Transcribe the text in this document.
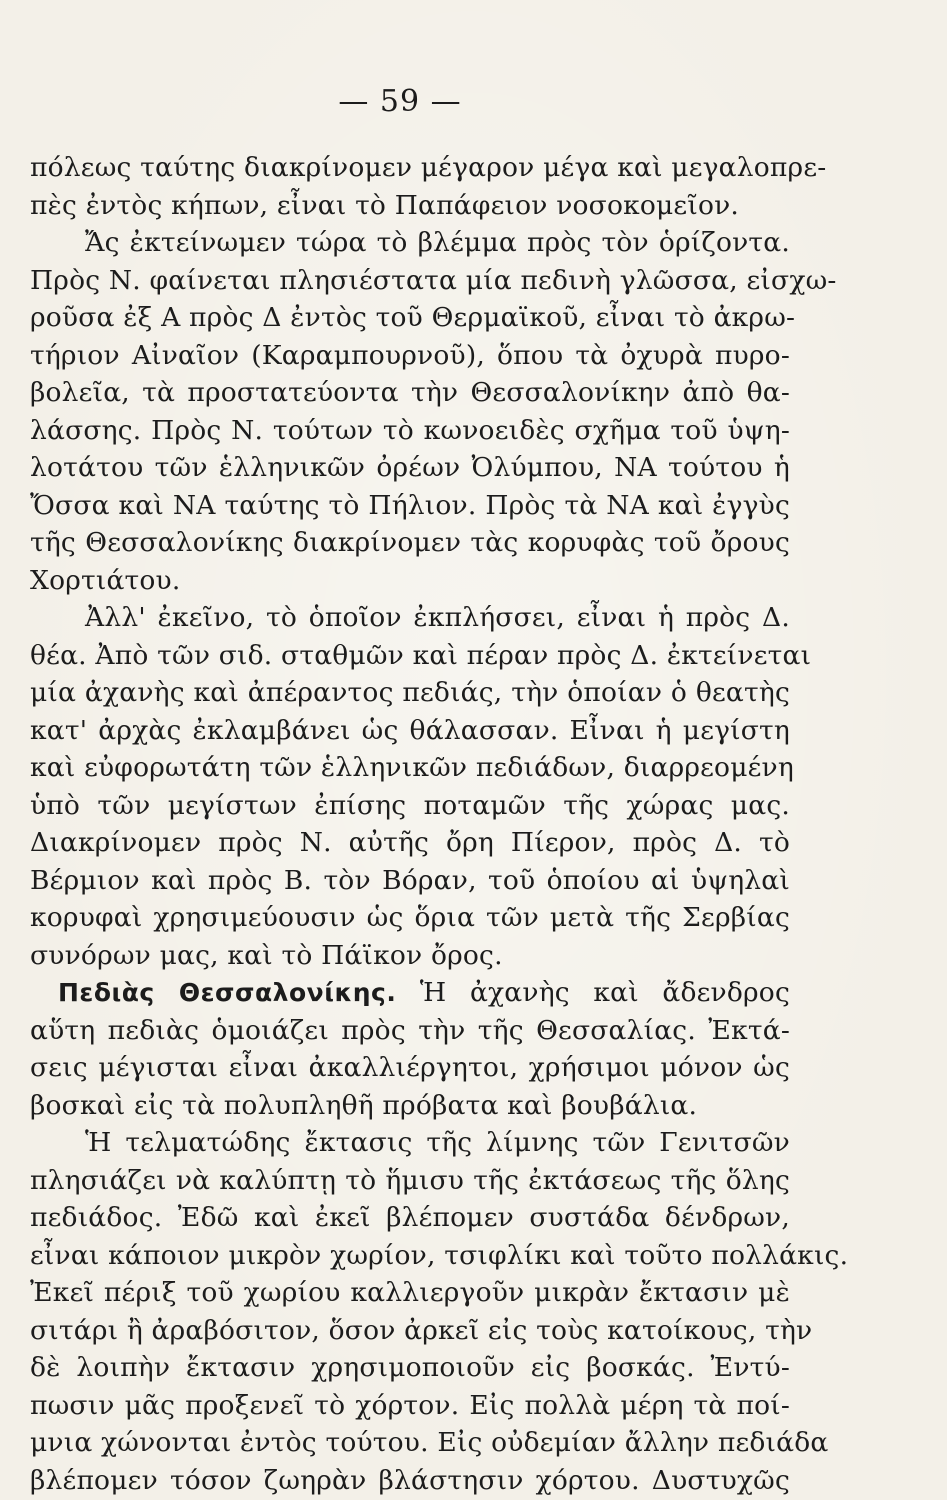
— 59 —
πόλεως ταύτης διακρίνομεν μέγαρον μέγα καὶ μεγαλοπρε-
πὲς ἐντὸς κήπων, εἶναι τὸ Παπάφειον νοσοκομεῖον.
Ἄς ἐκτείνωμεν τώρα τὸ βλέμμα πρὸς τὸν ὁρίζοντα.
Πρὸς Ν. φαίνεται πλησιέστατα μία πεδινὴ γλῶσσα, εἰσχω-
ροῦσα ἐξ Α πρὸς Δ ἐντὸς τοῦ Θερμαϊκοῦ, εἶναι τὸ ἀκρω-
τήριον Αἰναῖον (Καραμπουρνοῦ), ὅπου τὰ ὀχυρὰ πυρο-
βολεῖα, τὰ προστατεύοντα τὴν Θεσσαλονίκην ἀπὸ θα-
λάσσης. Πρὸς Ν. τούτων τὸ κωνοειδὲς σχῆμα τοῦ ὑψη-
λοτάτου τῶν ἑλληνικῶν ὀρέων Ὀλύμπου, ΝΑ τούτου ἡ
Ὄσσα καὶ ΝΑ ταύτης τὸ Πήλιον. Πρὸς τὰ ΝΑ καὶ ἐγγὺς
τῆς Θεσσαλονίκης διακρίνομεν τὰς κορυφὰς τοῦ ὄρους
Χορτιάτου.
Ἀλλ' ἐκεῖνο, τὸ ὁποῖον ἐκπλήσσει, εἶναι ἡ πρὸς Δ.
θέα. Ἀπὸ τῶν σιδ. σταθμῶν καὶ πέραν πρὸς Δ. ἐκτείνεται
μία ἀχανὴς καὶ ἀπέραντος πεδιάς, τὴν ὁποίαν ὁ θεατὴς
κατ' ἀρχὰς ἐκλαμβάνει ὡς θάλασσαν. Εἶναι ἡ μεγίστη
καὶ εὐφορωτάτη τῶν ἑλληνικῶν πεδιάδων, διαρρεομένη
ὑπὸ τῶν μεγίστων ἐπίσης ποταμῶν τῆς χώρας μας.
Διακρίνομεν πρὸς Ν. αὐτῆς ὄρη Πίερον, πρὸς Δ. τὸ
Βέρμιον καὶ πρὸς Β. τὸν Βόραν, τοῦ ὁποίου αἱ ὑψηλαὶ
κορυφαὶ χρησιμεύουσιν ὡς ὅρια τῶν μετὰ τῆς Σερβίας
συνόρων μας, καὶ τὸ Πάϊκον ὄρος.
Πεδιὰς Θεσσαλονίκης. Ἡ ἀχανὴς καὶ ἄδενδρος
αὕτη πεδιὰς ὁμοιάζει πρὸς τὴν τῆς Θεσσαλίας. Ἐκτά-
σεις μέγισται εἶναι ἀκαλλιέργητοι, χρήσιμοι μόνον ὡς
βοσκαὶ εἰς τὰ πολυπληθῆ πρόβατα καὶ βουβάλια.
Ἡ τελματώδης ἔκτασις τῆς λίμνης τῶν Γενιτσῶν
πλησιάζει νὰ καλύπτῃ τὸ ἥμισυ τῆς ἐκτάσεως τῆς ὅλης
πεδιάδος. Ἐδῶ καὶ ἐκεῖ βλέπομεν συστάδα δένδρων,
εἶναι κάποιον μικρὸν χωρίον, τσιφλίκι καὶ τοῦτο πολλάκις.
Ἐκεῖ πέριξ τοῦ χωρίου καλλιεργοῦν μικρὰν ἔκτασιν μὲ
σιτάρι ἢ ἀραβόσιτον, ὅσον ἀρκεῖ εἰς τοὺς κατοίκους, τὴν
δὲ λοιπὴν ἔκτασιν χρησιμοποιοῦν εἰς βοσκάς. Ἐντύ-
πωσιν μᾶς προξενεῖ τὸ χόρτον. Εἰς πολλὰ μέρη τὰ ποί-
μνια χώνονται ἐντὸς τούτου. Εἰς οὐδεμίαν ἄλλην πεδιάδα
βλέπομεν τόσον ζωηρὰν βλάστησιν χόρτου. Δυστυχῶς
